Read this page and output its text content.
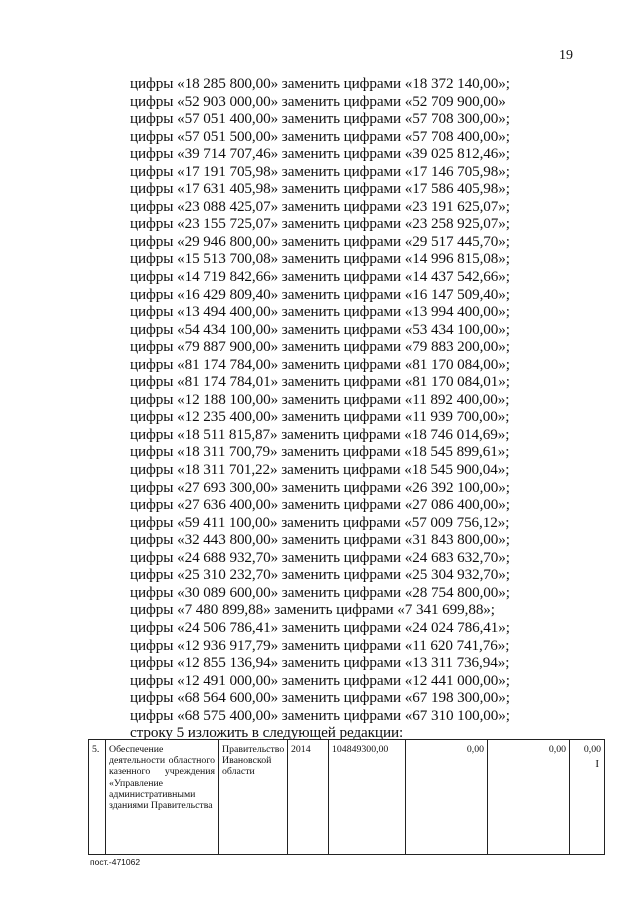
19
цифры «18 285 800,00» заменить цифрами «18 372 140,00»;
цифры «52 903 000,00» заменить цифрами «52 709 900,00»
цифры «57 051 400,00» заменить цифрами «57 708 300,00»;
цифры «57 051 500,00» заменить цифрами «57 708 400,00»;
цифры «39 714 707,46» заменить цифрами «39 025 812,46»;
цифры «17 191 705,98» заменить цифрами «17 146 705,98»;
цифры «17 631 405,98» заменить цифрами «17 586 405,98»;
цифры «23 088 425,07» заменить цифрами «23 191 625,07»;
цифры «23 155 725,07» заменить цифрами «23 258 925,07»;
цифры «29 946 800,00» заменить цифрами «29 517 445,70»;
цифры «15 513 700,08» заменить цифрами «14 996 815,08»;
цифры «14 719 842,66» заменить цифрами «14 437 542,66»;
цифры «16 429 809,40» заменить цифрами «16 147 509,40»;
цифры «13 494 400,00» заменить цифрами «13 994 400,00»;
цифры «54 434 100,00» заменить цифрами «53 434 100,00»;
цифры «79 887 900,00» заменить цифрами «79 883 200,00»;
цифры «81 174 784,00» заменить цифрами «81 170 084,00»;
цифры «81 174 784,01» заменить цифрами «81 170 084,01»;
цифры «12 188 100,00» заменить цифрами «11 892 400,00»;
цифры «12 235 400,00» заменить цифрами «11 939 700,00»;
цифры «18 511 815,87» заменить цифрами «18 746 014,69»;
цифры «18 311 700,79» заменить цифрами «18 545 899,61»;
цифры «18 311 701,22» заменить цифрами «18 545 900,04»;
цифры «27 693 300,00» заменить цифрами «26 392 100,00»;
цифры «27 636 400,00» заменить цифрами «27 086 400,00»;
цифры «59 411 100,00» заменить цифрами «57 009 756,12»;
цифры «32 443 800,00» заменить цифрами «31 843 800,00»;
цифры «24 688 932,70» заменить цифрами «24 683 632,70»;
цифры «25 310 232,70» заменить цифрами «25 304 932,70»;
цифры «30 089 600,00» заменить цифрами «28 754 800,00»;
цифры «7 480 899,88» заменить цифрами «7 341 699,88»;
цифры «24 506 786,41» заменить цифрами «24 024 786,41»;
цифры «12 936 917,79» заменить цифрами «11 620 741,76»;
цифры «12 855 136,94» заменить цифрами «13 311 736,94»;
цифры «12 491 000,00» заменить цифрами «12 441 000,00»;
цифры «68 564 600,00» заменить цифрами «67 198 300,00»;
цифры «68 575 400,00» заменить цифрами «67 310 100,00»;
строку 5 изложить в следующей редакции:
5.	Обеспечение деятельности областного казенного учреждения «Управление административными зданиями Правительства	Правительство Ивановской области	2014	104849300,00	0,00	0,00	0,00
I
пост.-471062
